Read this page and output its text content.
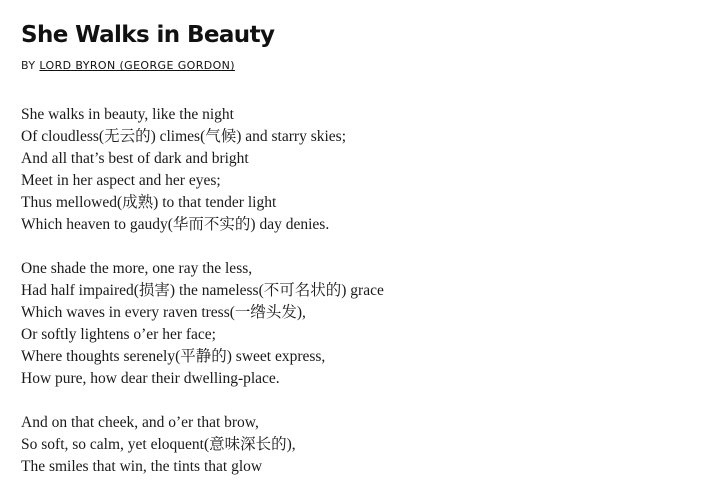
She Walks in Beauty
BY LORD BYRON (GEORGE GORDON)
She walks in beauty, like the night
Of cloudless(无云的) climes(气候) and starry skies;
And all that’s best of dark and bright
Meet in her aspect and her eyes;
Thus mellowed(成熟) to that tender light
Which heaven to gaudy(华而不实的) day denies.
One shade the more, one ray the less,
Had half impaired(损害) the nameless(不可名状的) grace
Which waves in every raven tress(一绺头发),
Or softly lightens o’er her face;
Where thoughts serenely(平静的) sweet express,
How pure, how dear their dwelling-place.
And on that cheek, and o’er that brow,
So soft, so calm, yet eloquent(意味深长的),
The smiles that win, the tints that glow
